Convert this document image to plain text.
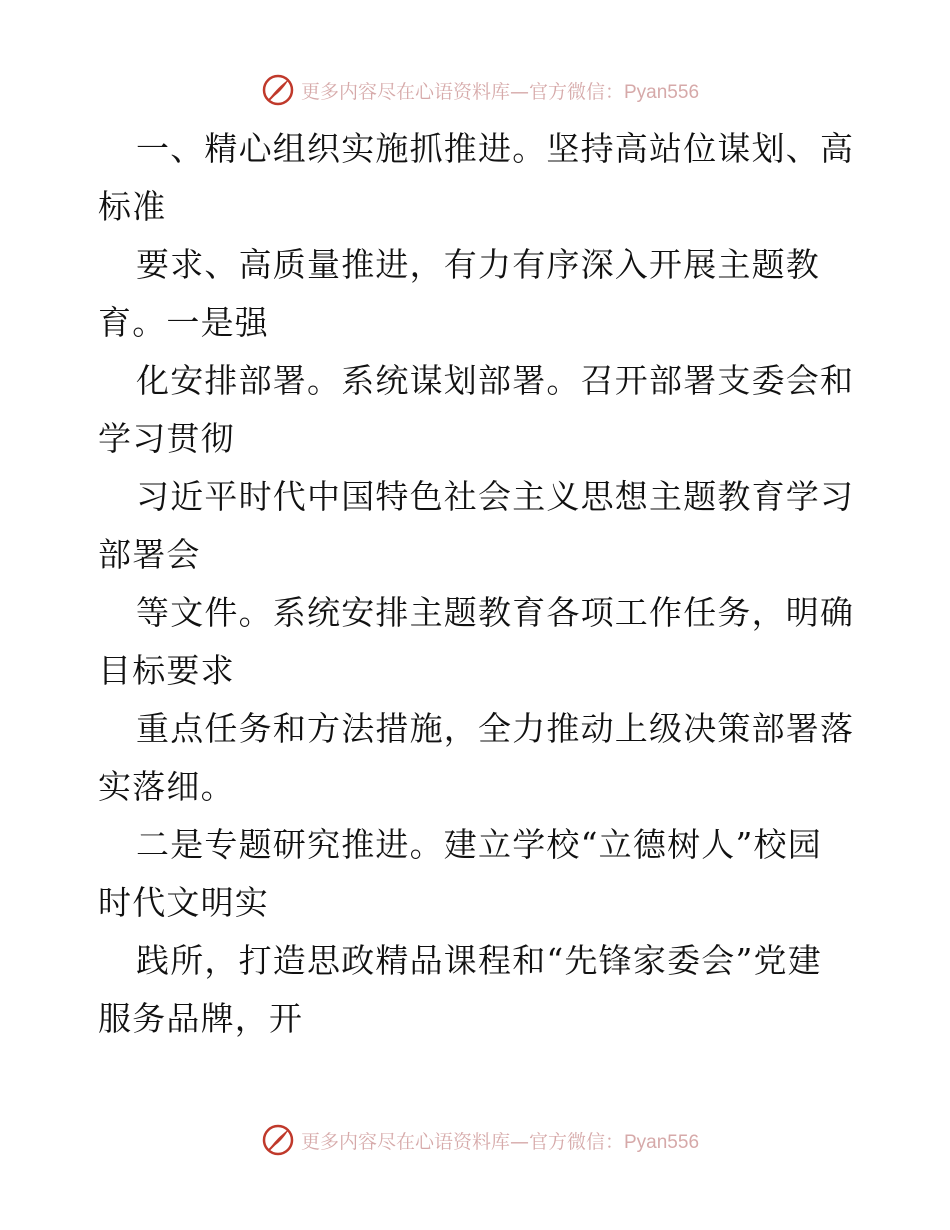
更多内容尽在心语资料库—官方微信：Pyan556
一、精心组织实施抓推进。坚持高站位谋划、高
标准
要求、高质量推进，有力有序深入开展主题教
育。一是强
化安排部署。系统谋划部署。召开部署支委会和
学习贯彻
习近平时代中国特色社会主义思想主题教育学习
部署会
等文件。系统安排主题教育各项工作任务，明确
目标要求
重点任务和方法措施，全力推动上级决策部署落
实落细。
二是专题研究推进。建立学校“立德树人”校园
时代文明实
践所，打造思政精品课程和“先锋家委会”党建
服务品牌，开
更多内容尽在心语资料库—官方微信：Pyan556
